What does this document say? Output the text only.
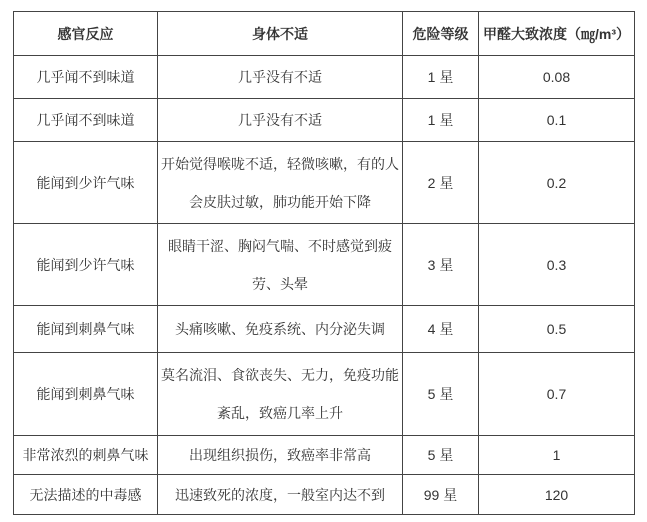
感官反应	身体不适	危险等级	甲醛大致浓度（㎎/m³）
几乎闻不到味道	几乎没有不适	1 星	0.08
几乎闻不到味道	几乎没有不适	1 星	0.1
能闻到少许气味	开始觉得喉咙不适，轻微咳嗽，有的人会皮肤过敏，肺功能开始下降	2 星	0.2
能闻到少许气味	眼睛干涩、胸闷气喘、不时感觉到疲劳、头晕	3 星	0.3
能闻到刺鼻气味	头痛咳嗽、免疫系统、内分泌失调	4 星	0.5
能闻到刺鼻气味	莫名流泪、食欲丧失、无力，免疫功能紊乱，致癌几率上升	5 星	0.7
非常浓烈的刺鼻气味	出现组织损伤，致癌率非常高	5 星	1
无法描述的中毒感	迅速致死的浓度，一般室内达不到	99 星	120
